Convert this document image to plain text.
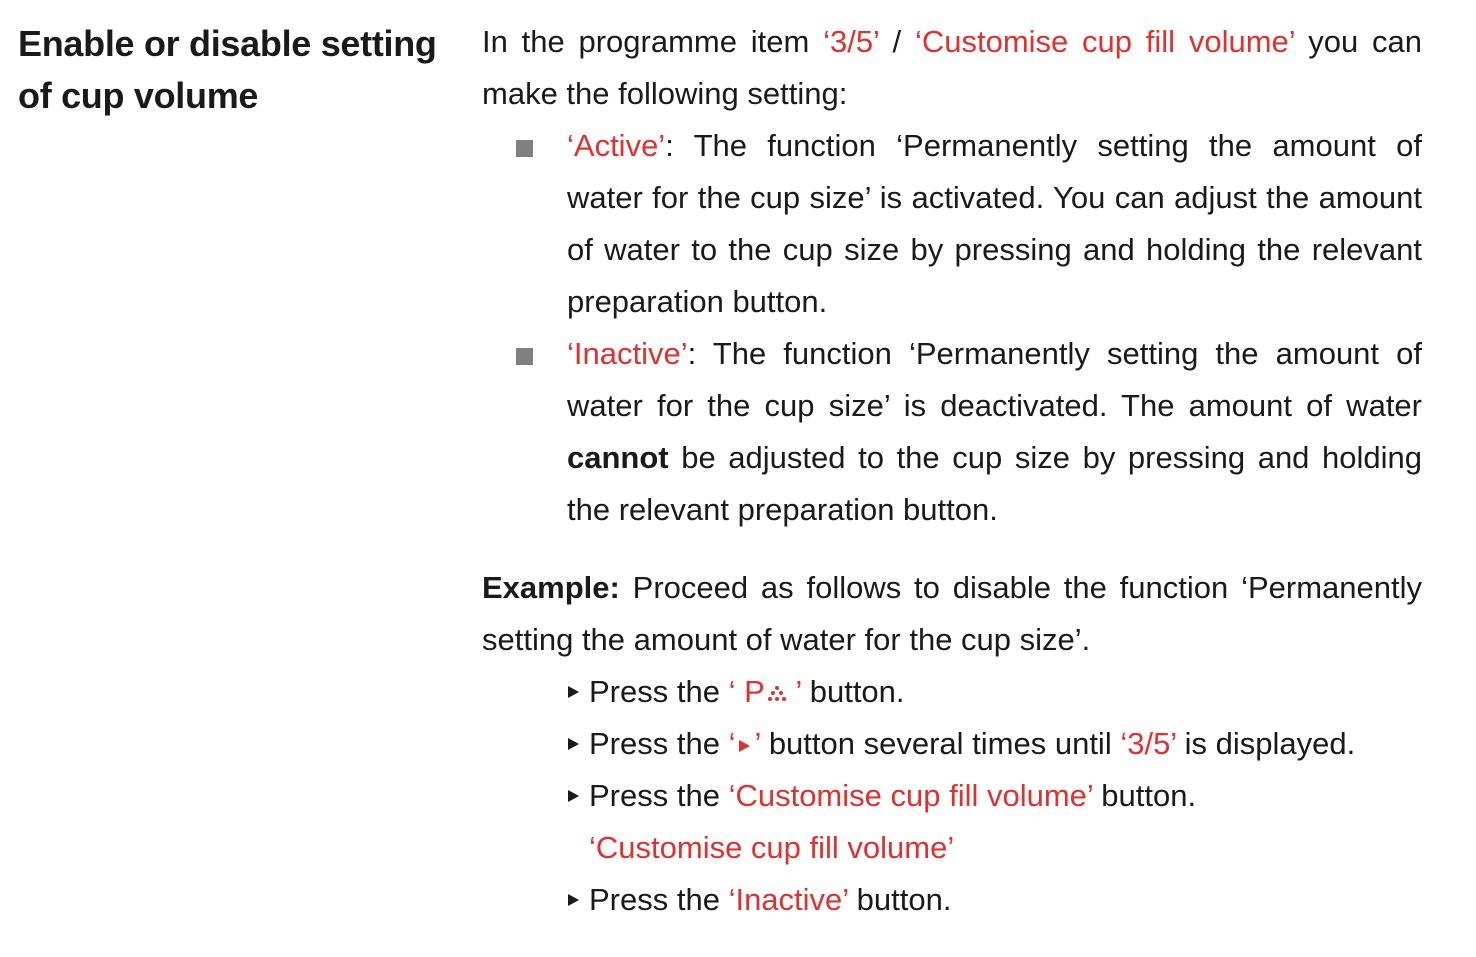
Enable or disable setting of cup volume

In the programme item ‘3/5’ / ‘Customise cup fill volume’ you can make the following setting:

‘Active’: The function ‘Permanently setting the amount of water for the cup size’ is activated. You can adjust the amount of water to the cup size by pressing and holding the relevant preparation button.
‘Inactive’: The function ‘Permanently setting the amount of water for the cup size’ is deactivated. The amount of water cannot be adjusted to the cup size by pressing and holding the relevant preparation button.

Example: Proceed as follows to disable the function ‘Permanently setting the amount of water for the cup size’.

Press the ‘ P ’ button.
Press the ‘ ’ button several times until ‘3/5’ is displayed.
Press the ‘Customise cup fill volume’ button.

‘Customise cup fill volume’

Press the ‘Inactive’ button.
